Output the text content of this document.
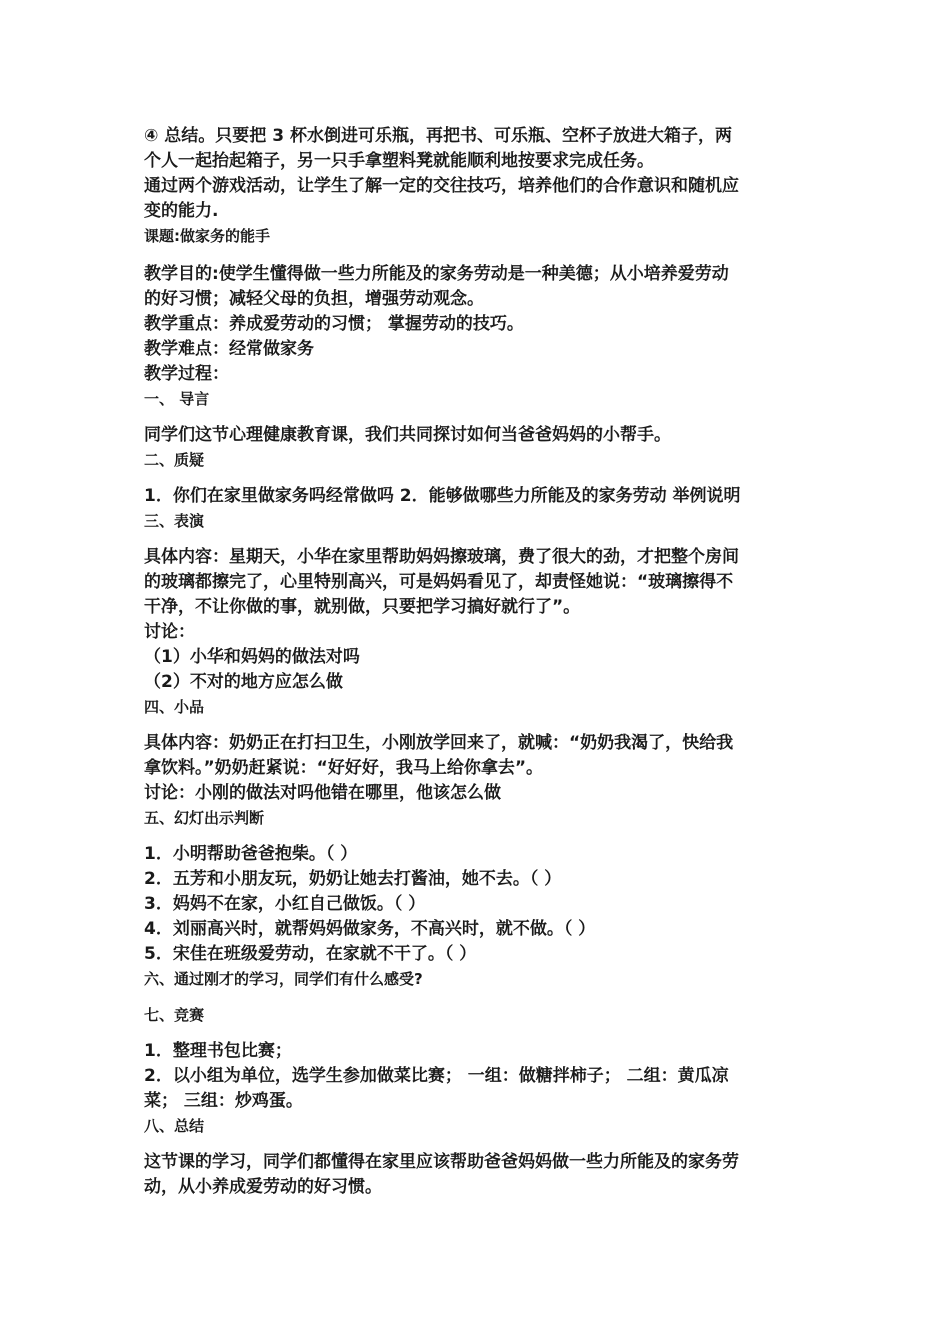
④ 总结。只要把 3 杯水倒进可乐瓶，再把书、可乐瓶、空杯子放进大箱子，两
个人一起抬起箱子，另一只手拿塑料凳就能顺利地按要求完成任务。
通过两个游戏活动，让学生了解一定的交往技巧，培养他们的合作意识和随机应
变的能力.
课题:做家务的能手
教学目的:使学生懂得做一些力所能及的家务劳动是一种美德；从小培养爱劳动
的好习惯；减轻父母的负担，增强劳动观念。
教学重点：养成爱劳动的习惯； 掌握劳动的技巧。
教学难点：经常做家务
教学过程：
一、 导言
同学们这节心理健康教育课，我们共同探讨如何当爸爸妈妈的小帮手。
二、质疑
1．你们在家里做家务吗经常做吗 2．能够做哪些力所能及的家务劳动 举例说明
三、表演
具体内容：星期天，小华在家里帮助妈妈擦玻璃，费了很大的劲，才把整个房间
的玻璃都擦完了，心里特别高兴，可是妈妈看见了，却责怪她说：“玻璃擦得不
干净，不让你做的事，就别做，只要把学习搞好就行了”。
讨论：
（1）小华和妈妈的做法对吗
（2）不对的地方应怎么做
四、小品
具体内容：奶奶正在打扫卫生，小刚放学回来了，就喊：“奶奶我渴了，快给我
拿饮料。”奶奶赶紧说：“好好好，我马上给你拿去”。
讨论：小刚的做法对吗他错在哪里，他该怎么做
五、幻灯出示判断
1．小明帮助爸爸抱柴。（ ）
2．五芳和小朋友玩，奶奶让她去打酱油，她不去。（ ）
3．妈妈不在家，小红自己做饭。（ ）
4．刘丽高兴时，就帮妈妈做家务，不高兴时，就不做。（ ）
5．宋佳在班级爱劳动，在家就不干了。（ ）
六、通过刚才的学习，同学们有什么感受?
七、竞赛
1．整理书包比赛；
2．以小组为单位，选学生参加做菜比赛； 一组：做糖拌柿子； 二组：黄瓜凉
菜； 三组：炒鸡蛋。
八、总结
这节课的学习，同学们都懂得在家里应该帮助爸爸妈妈做一些力所能及的家务劳
动，从小养成爱劳动的好习惯。
